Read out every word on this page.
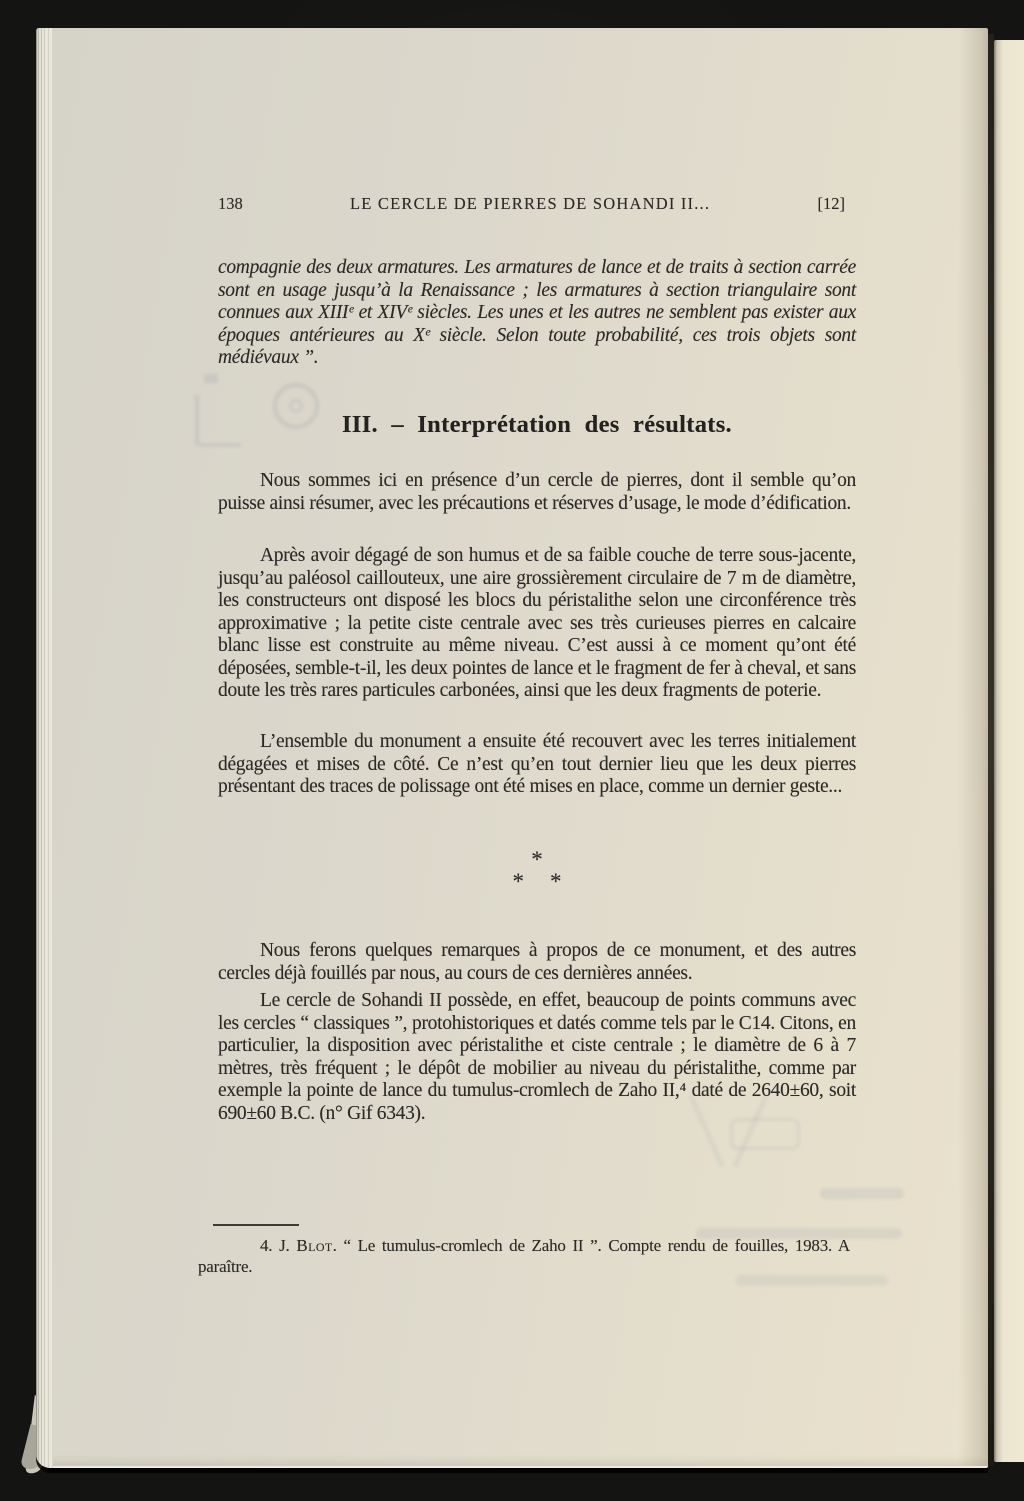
138	LE CERCLE DE PIERRES DE SOHANDI II...	[12]

compagnie des deux armatures. Les armatures de lance et de traits à section carrée sont en usage jusqu’à la Renaissance ; les armatures à section triangulaire sont connues aux XIIIᵉ et XIVᵉ siècles. Les unes et les autres ne semblent pas exister aux époques antérieures au Xᵉ siècle. Selon toute probabilité, ces trois objets sont médiévaux ”.

III. – Interprétation des résultats.

Nous sommes ici en présence d’un cercle de pierres, dont il semble qu’on puisse ainsi résumer, avec les précautions et réserves d’usage, le mode d’édification.

Après avoir dégagé de son humus et de sa faible couche de terre sous-jacente, jusqu’au paléosol caillouteux, une aire grossièrement circulaire de 7 m de diamètre, les constructeurs ont disposé les blocs du péristalithe selon une circonférence très approximative ; la petite ciste centrale avec ses très curieuses pierres en calcaire blanc lisse est construite au même niveau. C’est aussi à ce moment qu’ont été déposées, semble-t-il, les deux pointes de lance et le fragment de fer à cheval, et sans doute les très rares particules carbonées, ainsi que les deux fragments de poterie.

L’ensemble du monument a ensuite été recouvert avec les terres initialement dégagées et mises de côté. Ce n’est qu’en tout dernier lieu que les deux pierres présentant des traces de polissage ont été mises en place, comme un dernier geste...

*
* *

Nous ferons quelques remarques à propos de ce monument, et des autres cercles déjà fouillés par nous, au cours de ces dernières années.

Le cercle de Sohandi II possède, en effet, beaucoup de points communs avec les cercles “ classiques ”, protohistoriques et datés comme tels par le C14. Citons, en particulier, la disposition avec péristalithe et ciste centrale ; le diamètre de 6 à 7 mètres, très fréquent ; le dépôt de mobilier au niveau du péristalithe, comme par exemple la pointe de lance du tumulus-cromlech de Zaho II,⁴ daté de 2640±60, soit 690±60 B.C. (n° Gif 6343).

4. J. Blot. “ Le tumulus-cromlech de Zaho II ”. Compte rendu de fouilles, 1983. A paraître.
